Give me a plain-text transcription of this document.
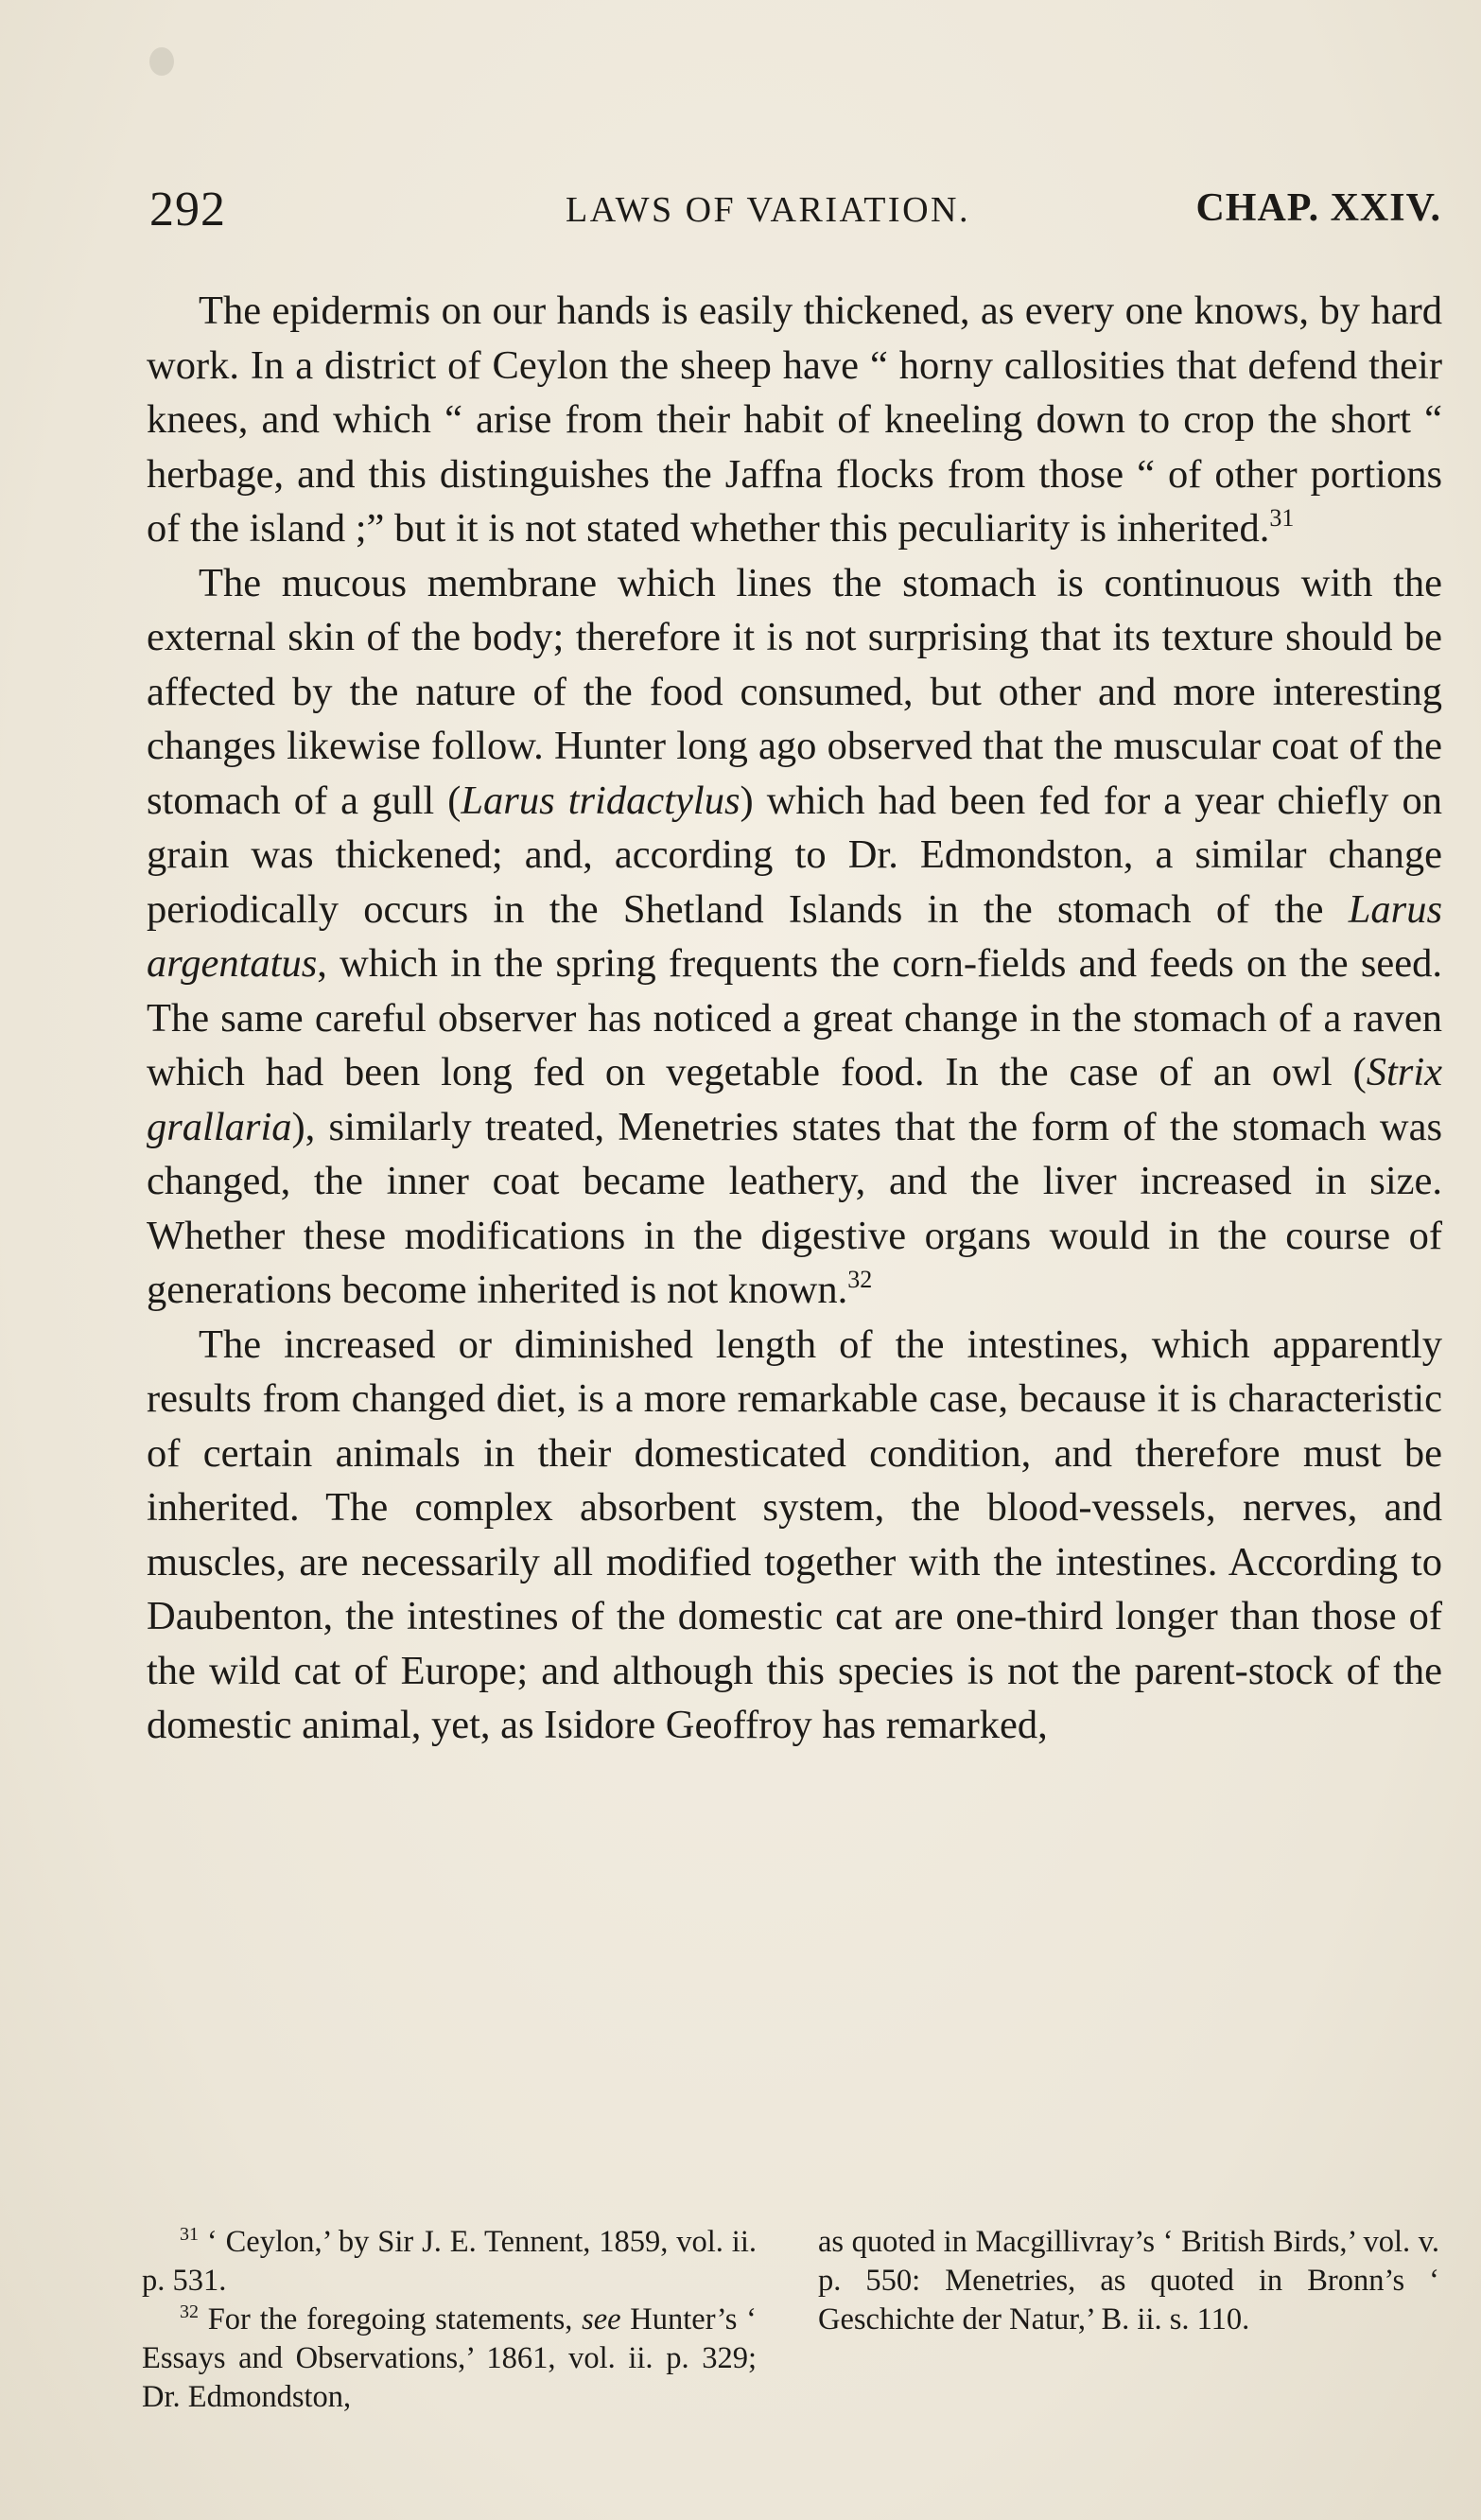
292	LAWS OF VARIATION.	CHAP. XXIV.

The epidermis on our hands is easily thickened, as every one knows, by hard work. In a district of Ceylon the sheep have “ horny callosities that defend their knees, and which “ arise from their habit of kneeling down to crop the short “ herbage, and this distinguishes the Jaffna flocks from those “ of other portions of the island ;” but it is not stated whether this peculiarity is inherited.$^{31}$

The mucous membrane which lines the stomach is continuous with the external skin of the body; therefore it is not surprising that its texture should be affected by the nature of the food consumed, but other and more interesting changes likewise follow. Hunter long ago observed that the muscular coat of the stomach of a gull (Larus tridactylus) which had been fed for a year chiefly on grain was thickened; and, according to Dr. Edmondston, a similar change periodically occurs in the Shetland Islands in the stomach of the Larus argentatus, which in the spring frequents the corn-fields and feeds on the seed. The same careful observer has noticed a great change in the stomach of a raven which had been long fed on vegetable food. In the case of an owl (Strix grallaria), similarly treated, Menetries states that the form of the stomach was changed, the inner coat became leathery, and the liver increased in size. Whether these modifications in the digestive organs would in the course of generations become inherited is not known.$^{32}$

The increased or diminished length of the intestines, which apparently results from changed diet, is a more remarkable case, because it is characteristic of certain animals in their domesticated condition, and therefore must be inherited. The complex absorbent system, the blood-vessels, nerves, and muscles, are necessarily all modified together with the intestines. According to Daubenton, the intestines of the domestic cat are one-third longer than those of the wild cat of Europe; and although this species is not the parent-stock of the domestic animal, yet, as Isidore Geoffroy has remarked,

$^{31}$ ‘ Ceylon,’ by Sir J. E. Tennent, 1859, vol. ii. p. 531.

$^{32}$ For the foregoing statements, see Hunter’s ‘ Essays and Observations,’ 1861, vol. ii. p. 329; Dr. Edmondston,

as quoted in Macgillivray’s ‘ British Birds,’ vol. v. p. 550: Menetries, as quoted in Bronn’s ‘ Geschichte der Natur,’ B. ii. s. 110.
